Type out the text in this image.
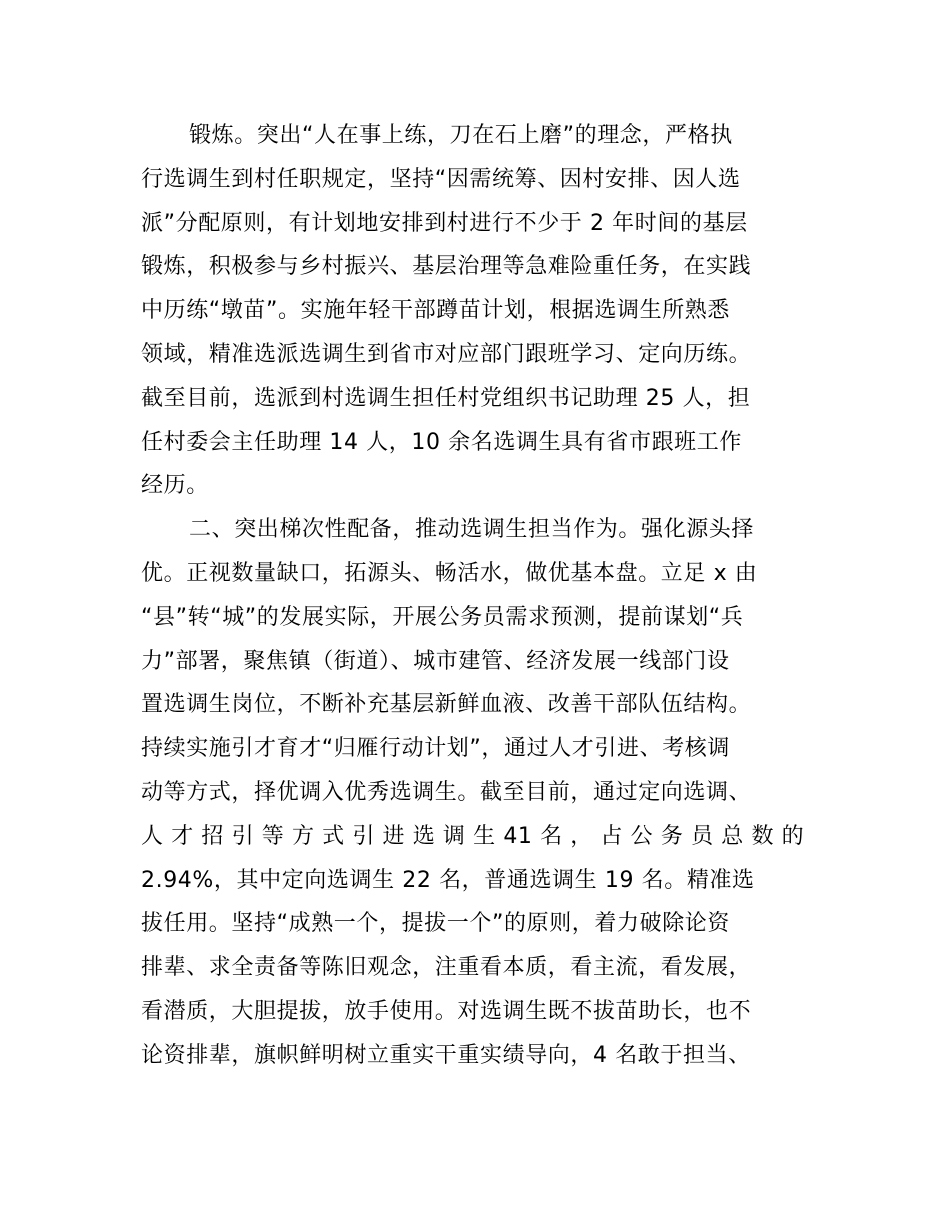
锻炼。突出“人在事上练，刀在石上磨”的理念，严格执
行选调生到村任职规定，坚持“因需统筹、因村安排、因人选
派”分配原则，有计划地安排到村进行不少于 2 年时间的基层
锻炼，积极参与乡村振兴、基层治理等急难险重任务，在实践
中历练“墩苗”。实施年轻干部蹲苗计划，根据选调生所熟悉
领域，精准选派选调生到省市对应部门跟班学习、定向历练。
截至目前，选派到村选调生担任村党组织书记助理 25 人，担
任村委会主任助理 14 人，10 余名选调生具有省市跟班工作
经历。
二、突出梯次性配备，推动选调生担当作为。强化源头择
优。正视数量缺口，拓源头、畅活水，做优基本盘。立足 x 由
“县”转“城”的发展实际，开展公务员需求预测，提前谋划“兵
力”部署，聚焦镇（街道）、城市建管、经济发展一线部门设
置选调生岗位，不断补充基层新鲜血液、改善干部队伍结构。
持续实施引才育才“归雁行动计划”，通过人才引进、考核调
动等方式，择优调入优秀选调生。截至目前，通过定向选调、
人 才 招 引 等 方 式 引 进 选 调 生 41 名 ， 占 公 务 员 总 数 的
2.94%，其中定向选调生 22 名，普通选调生 19 名。精准选
拔任用。坚持“成熟一个，提拔一个”的原则，着力破除论资
排辈、求全责备等陈旧观念，注重看本质，看主流，看发展，
看潜质，大胆提拔，放手使用。对选调生既不拔苗助长，也不
论资排辈，旗帜鲜明树立重实干重实绩导向，4 名敢于担当、
